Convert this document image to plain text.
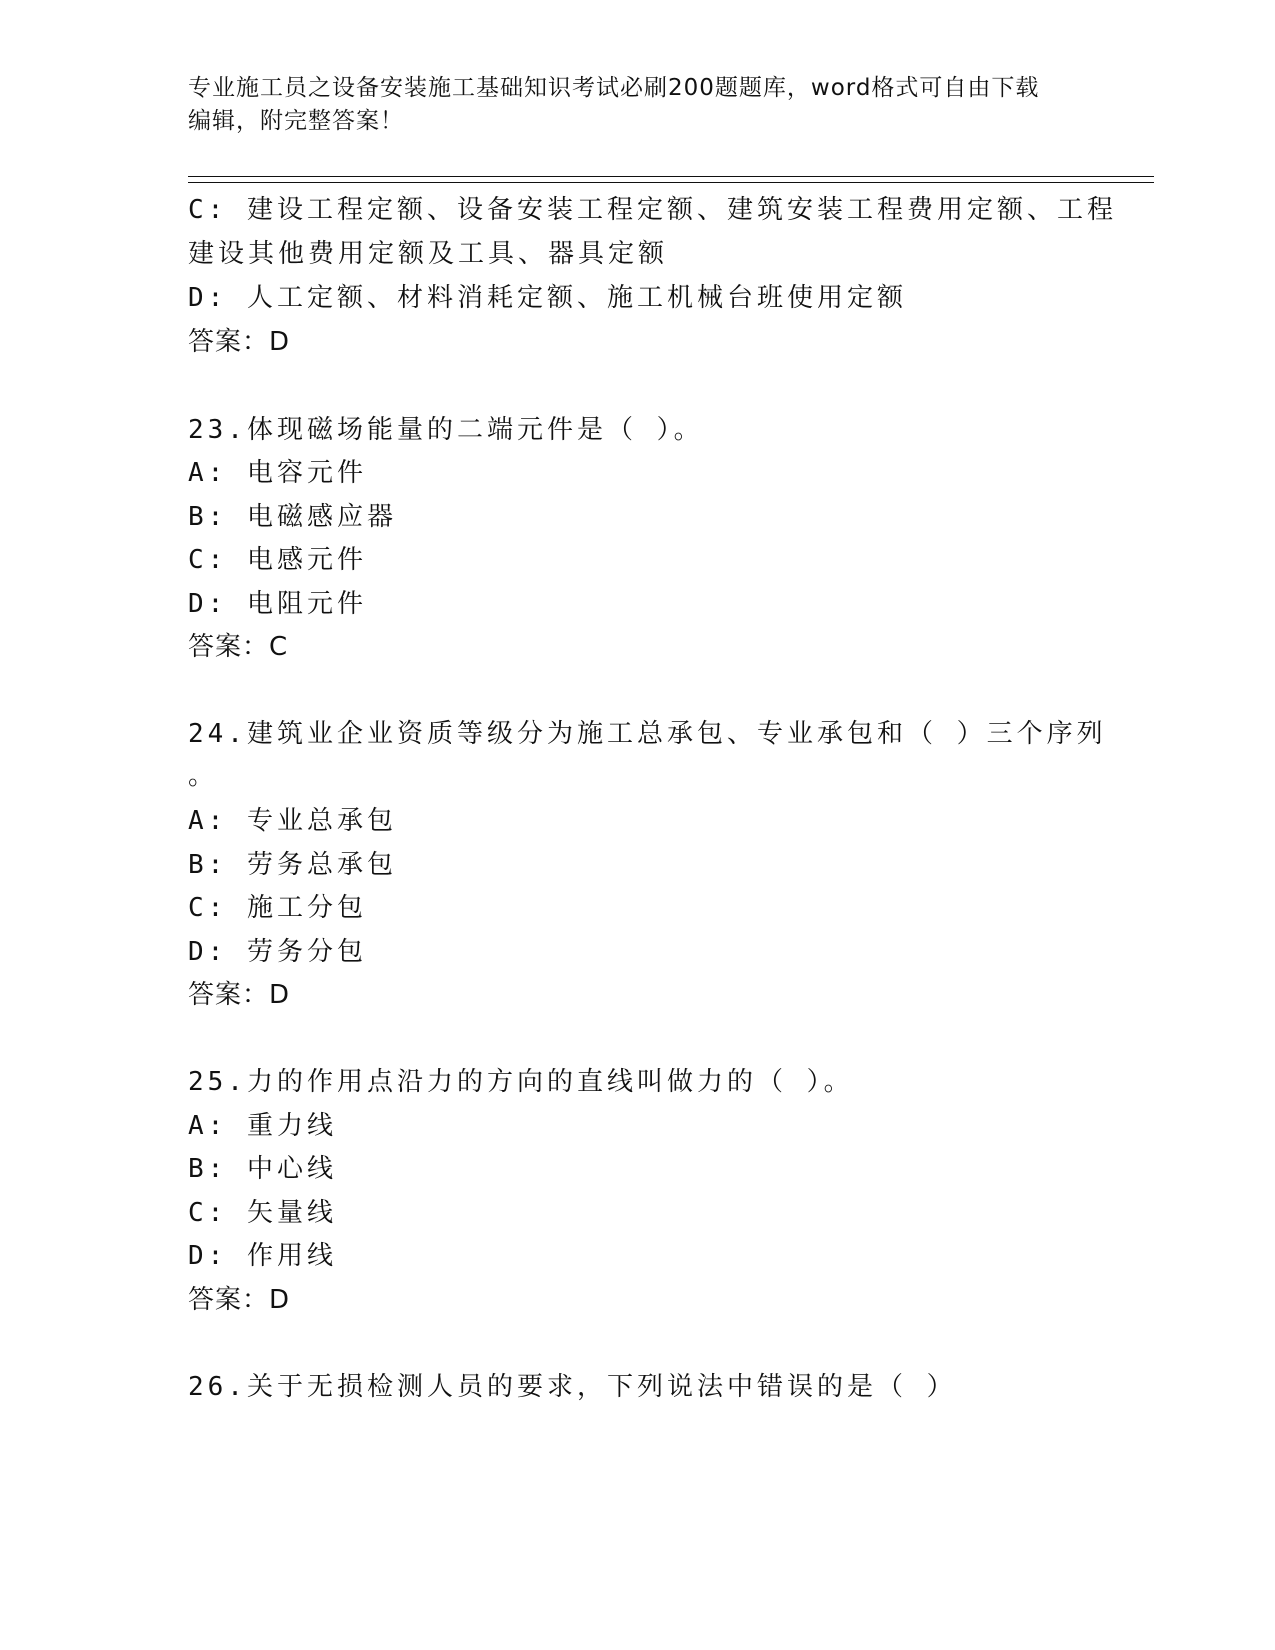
专业施工员之设备安装施工基础知识考试必刷200题题库，word格式可自由下载
编辑，附完整答案！
C: 建设工程定额、设备安装工程定额、建筑安装工程费用定额、工程
建设其他费用定额及工具、器具定额
D: 人工定额、材料消耗定额、施工机械台班使用定额
答案：D
23.体现磁场能量的二端元件是（ ）。
A: 电容元件
B: 电磁感应器
C: 电感元件
D: 电阻元件
答案：C
24.建筑业企业资质等级分为施工总承包、专业承包和（ ）三个序列
。
A: 专业总承包
B: 劳务总承包
C: 施工分包
D: 劳务分包
答案：D
25.力的作用点沿力的方向的直线叫做力的（ ）。
A: 重力线
B: 中心线
C: 矢量线
D: 作用线
答案：D
26.关于无损检测人员的要求，下列说法中错误的是（ ）
